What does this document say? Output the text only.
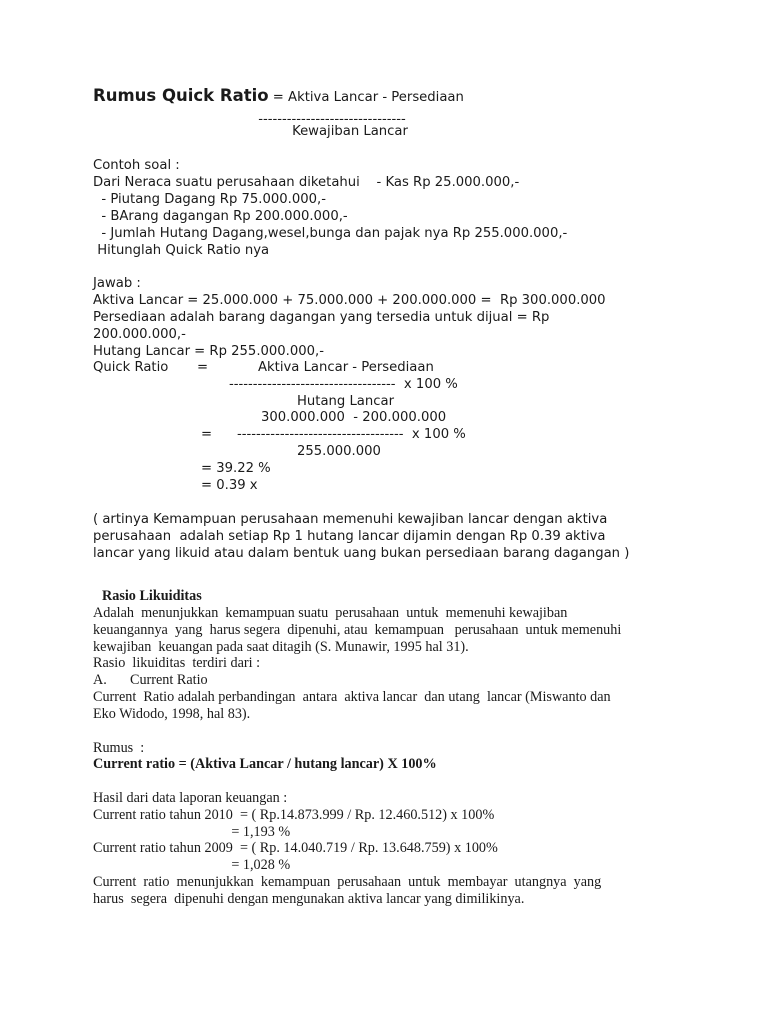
Rumus Quick Ratio = Aktiva Lancar - Persediaan
-------------------------------
Kewajiban Lancar
Contoh soal :
Dari Neraca suatu perusahaan diketahui    - Kas Rp 25.000.000,-
- Piutang Dagang Rp 75.000.000,-
- BArang dagangan Rp 200.000.000,-
- Jumlah Hutang Dagang,wesel,bunga dan pajak nya Rp 255.000.000,-
Hitunglah Quick Ratio nya
Jawab :
Aktiva Lancar = 25.000.000 + 75.000.000 + 200.000.000 =  Rp 300.000.000
Persediaan adalah barang dagangan yang tersedia untuk dijual = Rp
200.000.000,-
Hutang Lancar = Rp 255.000.000,-
Quick Ratio =	Aktiva Lancar - Persediaan
-----------------------------------  x 100 %
Hutang Lancar
300.000.000  - 200.000.000
= -----------------------------------  x 100 %
255.000.000
= 39.22 %
= 0.39 x
( artinya Kemampuan perusahaan memenuhi kewajiban lancar dengan aktiva
perusahaan  adalah setiap Rp 1 hutang lancar dijamin dengan Rp 0.39 aktiva
lancar yang likuid atau dalam bentuk uang bukan persediaan barang dagangan )
Rasio Likuiditas
Adalah  menunjukkan  kemampuan suatu  perusahaan  untuk  memenuhi kewajiban
keuangannya  yang  harus segera  dipenuhi, atau  kemampuan   perusahaan  untuk memenuhi
kewajiban  keuangan pada saat ditagih (S. Munawir, 1995 hal 31).
Rasio  likuiditas  terdiri dari :
A. Current Ratio
Current  Ratio adalah perbandingan  antara  aktiva lancar  dan utang  lancar (Miswanto dan
Eko Widodo, 1998, hal 83).
Rumus  :
Current ratio = (Aktiva Lancar / hutang lancar) X 100%
Hasil dari data laporan keuangan :
Current ratio tahun 2010  = ( Rp.14.873.999 / Rp. 12.460.512) x 100%
= 1,193 %
Current ratio tahun 2009  = ( Rp. 14.040.719 / Rp. 13.648.759) x 100%
= 1,028 %
Current  ratio  menunjukkan  kemampuan  perusahaan  untuk  membayar  utangnya  yang
harus  segera  dipenuhi dengan mengunakan aktiva lancar yang dimilikinya.
